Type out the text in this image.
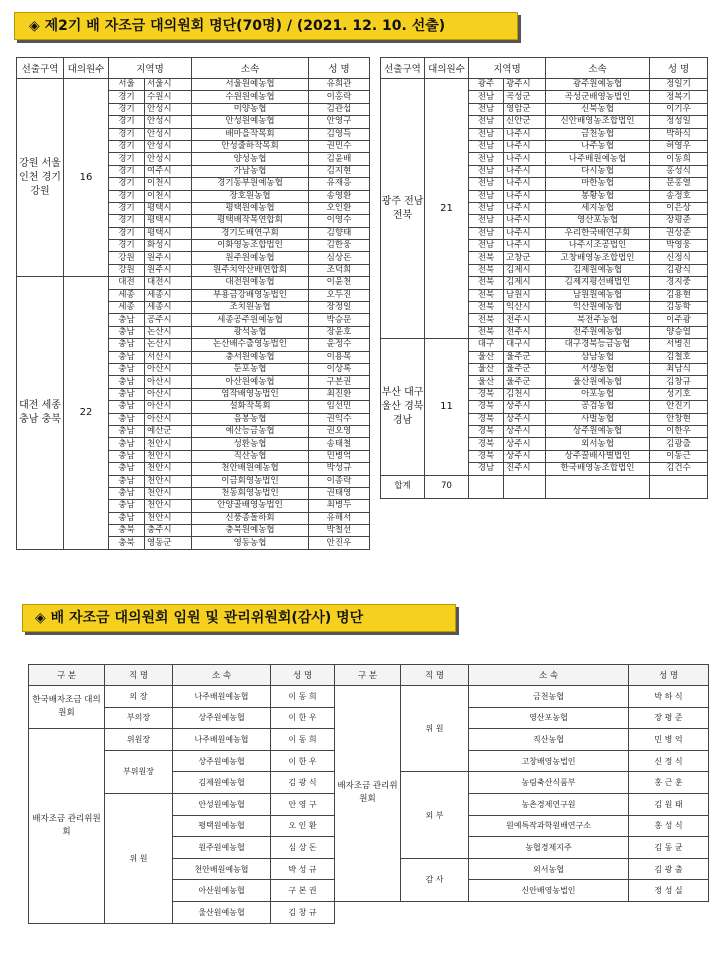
◈ 제2기 배 자조금 대의원회 명단(70명) / (2021. 12. 10. 선출)
선출구역	대의원수	지역명		소속	성 명
강원 서울 인천 경기 강원	16	서울	서울시	서울원예농협	유희관
		경기	수원시	수원원예농협	이홍락
		경기	안성시	미양농협	김관섭
		경기	안성시	안성원예농협	안영구
		경기	안성시	배마을작목회	김영득
		경기	안성시	안성줄하작목회	권민수
		경기	안성시	양성농협	김윤배
		경기	여주시	가남농협	김지현
		경기	이천시	경기동부원예농협	유재응
		경기	이천시	장호원농협	송영환
		경기	평택시	평택원예농협	오인환
		경기	평택시	평택배작목연합회	이영수
		경기	평택시	경기도배연구회	김향태
		경기	화성시	이화영농조합법인	김한웅
		강원	원주시	원주원예농협	심상돈
		강원	원주시	원주치악산배연합회	조덕희
대전 세종 충남 충북	22	대전	대전시	대전원예농협	이윤천
		세종	세종시	부용금강배영농법인	오두진
		세종	세종시	조치원농협	장정일
		충남	공주시	세종공주원예농협	박승문
		충남	논산시	광석농협	장윤호
		충남	논산시	논산배수출영농법인	윤정수
		충남	서산시	충서원예농협	이용목
		충남	아산시	둔포농협	이상록
		충남	아산시	아산원예농협	구본권
		충남	아산시	염작배영농법인	최진환
		충남	아산시	설화작목회	임선민
		충남	아산시	음봉농협	권익수
		충남	예산군	예산능금농협	권오영
		충남	천안시	성환농협	송태철
		충남	천안시	직산농협	민병억
		충남	천안시	천안배원예농협	박성규
		충남	천안시	이금회영농법인	이종락
		충남	천안시	천동회영농법인	권태영
		충남	천안시	안양골배영농법인	최병두
		충남	천안시	신풍종돌하회	유해서
		충북	충주시	충북원예농협	박철선
		충북	영동군	영동농협	안진우
선출구역	대의원수	지역명		소속	성 명
광주 전남 전북	21	광주	광주시	광주원예농협	정일기
		전남	곡성군	곡성군배영농법인	정복기
		전남	영암군	신북농협	이기우
		전남	신안군	신안배영농조합법인	정성일
		전남	나주시	금천농협	박하식
		전남	나주시	나주농협	허영우
		전남	나주시	나주배원예농협	이동희
		전남	나주시	다시농협	홍성식
		전남	나주시	마한농협	문홍열
		전남	나주시	봉황농협	송정호
		전남	나주시	세지농협	이은상
		전남	나주시	영산포농협	장평준
		전남	나주시	우리한국배연구회	권상준
		전남	나주시	나주시조공법인	박영웅
		전북	고창군	고창배영농조합법인	신정식
		전북	김제시	김제원예농협	김광식
		전북	김제시	김제지평선배법인	경지중
		전북	남원시	남원원예농협	김용현
		전북	익산시	익산원예농협	김동학
		전북	전주시	북전주농협	이주광
		전북	전주시	전주원예농협	양승엽
부산 대구 울산 경북 경남	11	대구	대구시	대구경북능금농협	서병진
		울산	울주군	삼남농협	김철호
		울산	울주군	서생농협	최남식
		울산	울주군	울산원예농협	김창규
		경북	김천시	아포농협	성기호
		경북	상주시	공검농협	안진기
		경북	상주시	사벌농협	안창현
		경북	상주시	상주원예농협	이한우
		경북	상주시	외서농협	김광출
		경북	상주시	상주꿀배사별법인	이동근
		경남	진주시	한국배영농조합법인	김건수
합계	70				
◈ 배 자조금 대의원회 임원 및 관리위원회(감사) 명단
구 분	직 명	소 속	성 명	구 분	직 명	소 속	성 명
한국배자조금 대의원회	의 장	나주배원예농협	이 동 희	배자조금 관리위원회	위 원	금천농협	박 하 식
	부의장	상주원예농협	이 한 우			영산포농협	장 평 준
배자조금 관리위원회	위원장	나주배원예농협	이 동 희			직산농협	민 병 억
	부위원장	상주원예농협	이 한 우			고창배영농법인	신 정 식
		김제원예농협	김 광 식		외 부	농림축산식품부	홍 근 훈
	위 원	안성원예농협	안 영 구			농촌경제연구원	김 원 태
		평택원예농협	오 인 환			원예특작과학원배연구소	홍 성 식
		원주원예농협	심 상 돈			농협경제지주	김 동 균
		천안배원예농협	박 성 규		감 사	외서농협	김 광 출
		아산원예농협	구 본 권			신안배영농법인	정 성 실
		울산원예농협	김 창 규				
